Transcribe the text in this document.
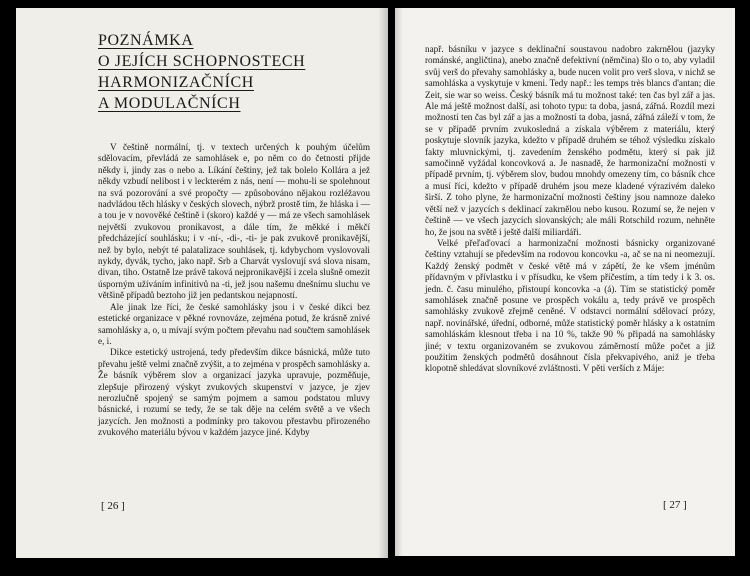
POZNÁMKA

O JEJÍCH SCHOPNOSTECH

HARMONIZAČNÍCH

A MODULAČNÍCH

V češtině normální, tj. v textech určených k pouhým účelům sdělovacím, převládá ze samohlásek e, po něm co do četnosti přijde někdy i, jindy zas o nebo a. Líkání češtiny, jež tak bolelo Kollára a jež někdy vzbudí nelibost i v leckterém z nás, není — mohu-li se spolehnout na svá pozorování a své propočty — způsobováno nějakou rozléžavou nadvládou těch hlásky v českých slovech, nýbrž prostě tím, že hláska i — a tou je v novověké češtině i (skoro) každé y — má ze všech samohlásek největší zvukovou pronikavost, a dále tím, že měkké i měkčí předcházející souhlásku; i v -ní-, -di-, -ti- je pak zvukově pronikavější, než by bylo, nebýt té palatalizace souhlásek, tj. kdybychom vyslovovali nykdy, dyvák, tycho, jako např. Srb a Charvát vyslovují svá slova nisam, divan, tiho. Ostatně lze právě taková nejpronikavější i zcela slušně omezit úsporným užíváním infinitivů na -ti, jež jsou našemu dnešnímu sluchu ve většině případů beztoho již jen pedantskou nejapností.

Ale jinak lze říci, že české samohlásky jsou i v české dikci bez estetické organizace v pěkné rovnováze, zejména potud, že krásně znivé samohlásky a, o, u mívají svým počtem převahu nad součtem samohlásek e, i.

Dikce estetický ustrojená, tedy především dikce básnická, může tuto převahu ještě velmi značně zvýšit, a to zejména v prospěch samohlásky a. Že básník výběrem slov a organizací jazyka upravuje, pozměňuje, zlepšuje přirozený výskyt zvukových skupenství v jazyce, je zjev nerozlučně spojený se samým pojmem a samou podstatou mluvy básnické, i rozumí se tedy, že se tak děje na celém světě a ve všech jazycích. Jen možnosti a podmínky pro takovou přestavbu přirozeného zvukového materiálu bývou v každém jazyce jiné. Kdyby

[ 26 ]

např. básníku v jazyce s deklinační soustavou nadobro zakrnělou (jazyky románské, angličtina), anebo značně defektivní (němčina) šlo o to, aby vyladil svůj verš do převahy samohlásky a, bude nucen volit pro verš slova, v nichž se samohláska a vyskytuje v kmeni. Tedy např.: les temps très blancs d'antan; die Zeit, sie war so weiss. Český básník má tu možnost také: ten čas byl zář a jas. Ale má ještě možnost další, asi tohoto typu: ta doba, jasná, zářná. Rozdíl mezi možností ten čas byl zář a jas a možností ta doba, jasná, zářná záleží v tom, že se v případě prvním zvukosledná a získala výběrem z materiálu, který poskytuje slovník jazyka, kdežto v případě druhém se téhož výsledku získalo fakty mluvnickými, tj. zavedením ženského podmětu, který si pak již samočinně vyžádal koncovková a. Je nasnadě, že harmonizační možnosti v případě prvním, tj. výběrem slov, budou mnohdy omezeny tím, co básník chce a musí říci, kdežto v případě druhém jsou meze kladené výrazivém daleko širší. Z toho plyne, že harmonizační možnosti češtiny jsou namnoze daleko větší než v jazycích s deklinací zakrnělou nebo kusou. Rozumí se, že nejen v češtině — ve všech jazycích slovanských; ale máli Rotschild rozum, nehněte ho, že jsou na světě i ještě další miliardáři.

Velké přeľaďovací a harmonizační možnosti básnicky organizované češtiny vztahují se především na rodovou koncovku -a, ač se na ni neomezují. Každý ženský podmět v české větě má v zápětí, že ke všem jménům přídavným v přívlastku i v přísudku, ke všem příčestím, a tím tedy i k 3. os. jedn. č. času minulého, přistoupí koncovka -a (á). Tím se statistický poměr samohlásek značně posune ve prospěch vokálu a, tedy právě ve prospěch samohlásky zvukově zřejmě ceněné. V odstavci normální sdělovací prózy, např. novinářské, úřední, odborné, může statistický poměr hlásky a k ostatním samohláskám klesnout třeba i na 10 %, takže 90 % připadá na samohlásky jiné; v textu organizovaném se zvukovou záměrností může počet a již použitím ženských podmětů dosáhnout čísla překvapivého, aniž je třeba klopotně shledávat slovníkové zvláštnosti. V pěti verších z Máje:

[ 27 ]
